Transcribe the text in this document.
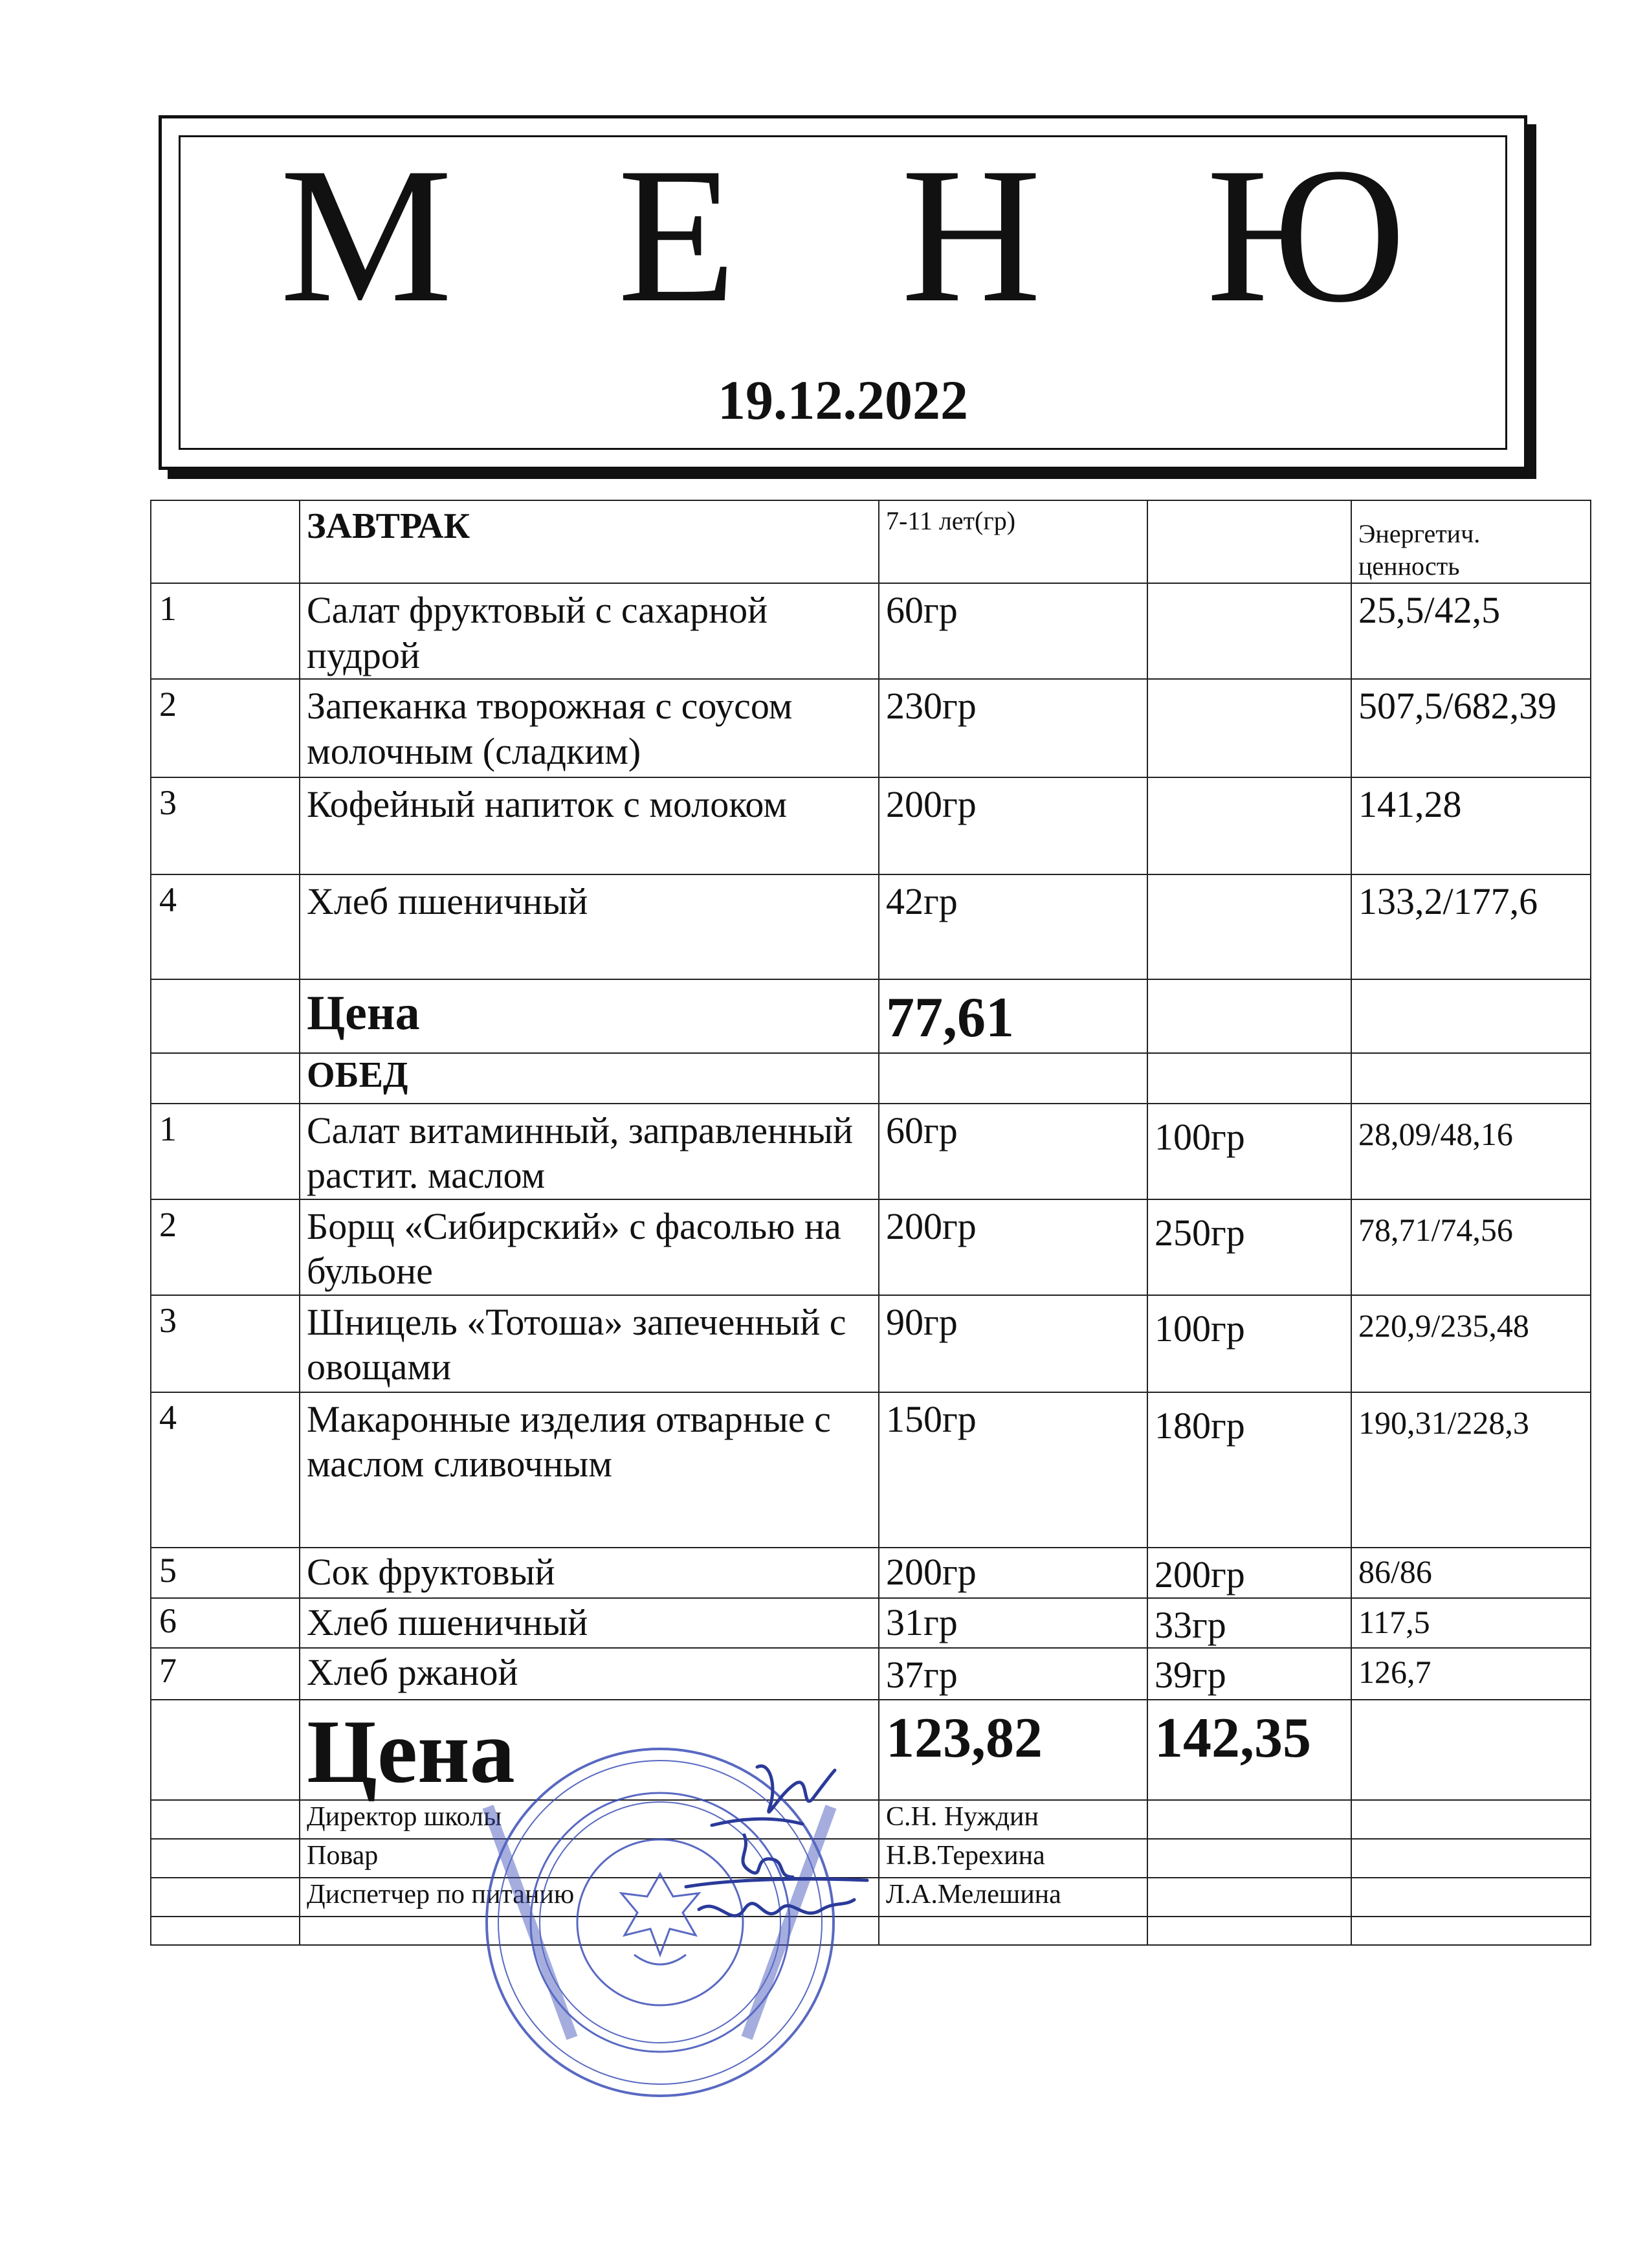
М Е Н Ю
19.12.2022
	ЗАВТРАК	7-11 лет(гр)		Энергетич. ценность
1	Салат фруктовый с сахарной пудрой	60гр		25,5/42,5
2	Запеканка творожная с соусом молочным (сладким)	230гр		507,5/682,39
3	Кофейный напиток с молоком	200гр		141,28
4	Хлеб пшеничный	42гр		133,2/177,6
	Цена	77,61		
	ОБЕД			
1	Салат витаминный, заправленный растит. маслом	60гр	100гр	28,09/48,16
2	Борщ «Сибирский» с фасолью на бульоне	200гр	250гр	78,71/74,56
3	Шницель «Тотоша» запеченный с овощами	90гр	100гр	220,9/235,48
4	Макаронные изделия отварные с маслом сливочным	150гр	180гр	190,31/228,3
5	Сок фруктовый	200гр	200гр	86/86
6	Хлеб пшеничный	31гр	33гр	117,5
7	Хлеб ржаной	37гр	39гр	126,7
	Цена	123,82	142,35	
	Директор школы	С.Н. Нуждин		
	Повар	Н.В.Терехина		
	Диспетчер по питанию	Л.А.Мелешина		
